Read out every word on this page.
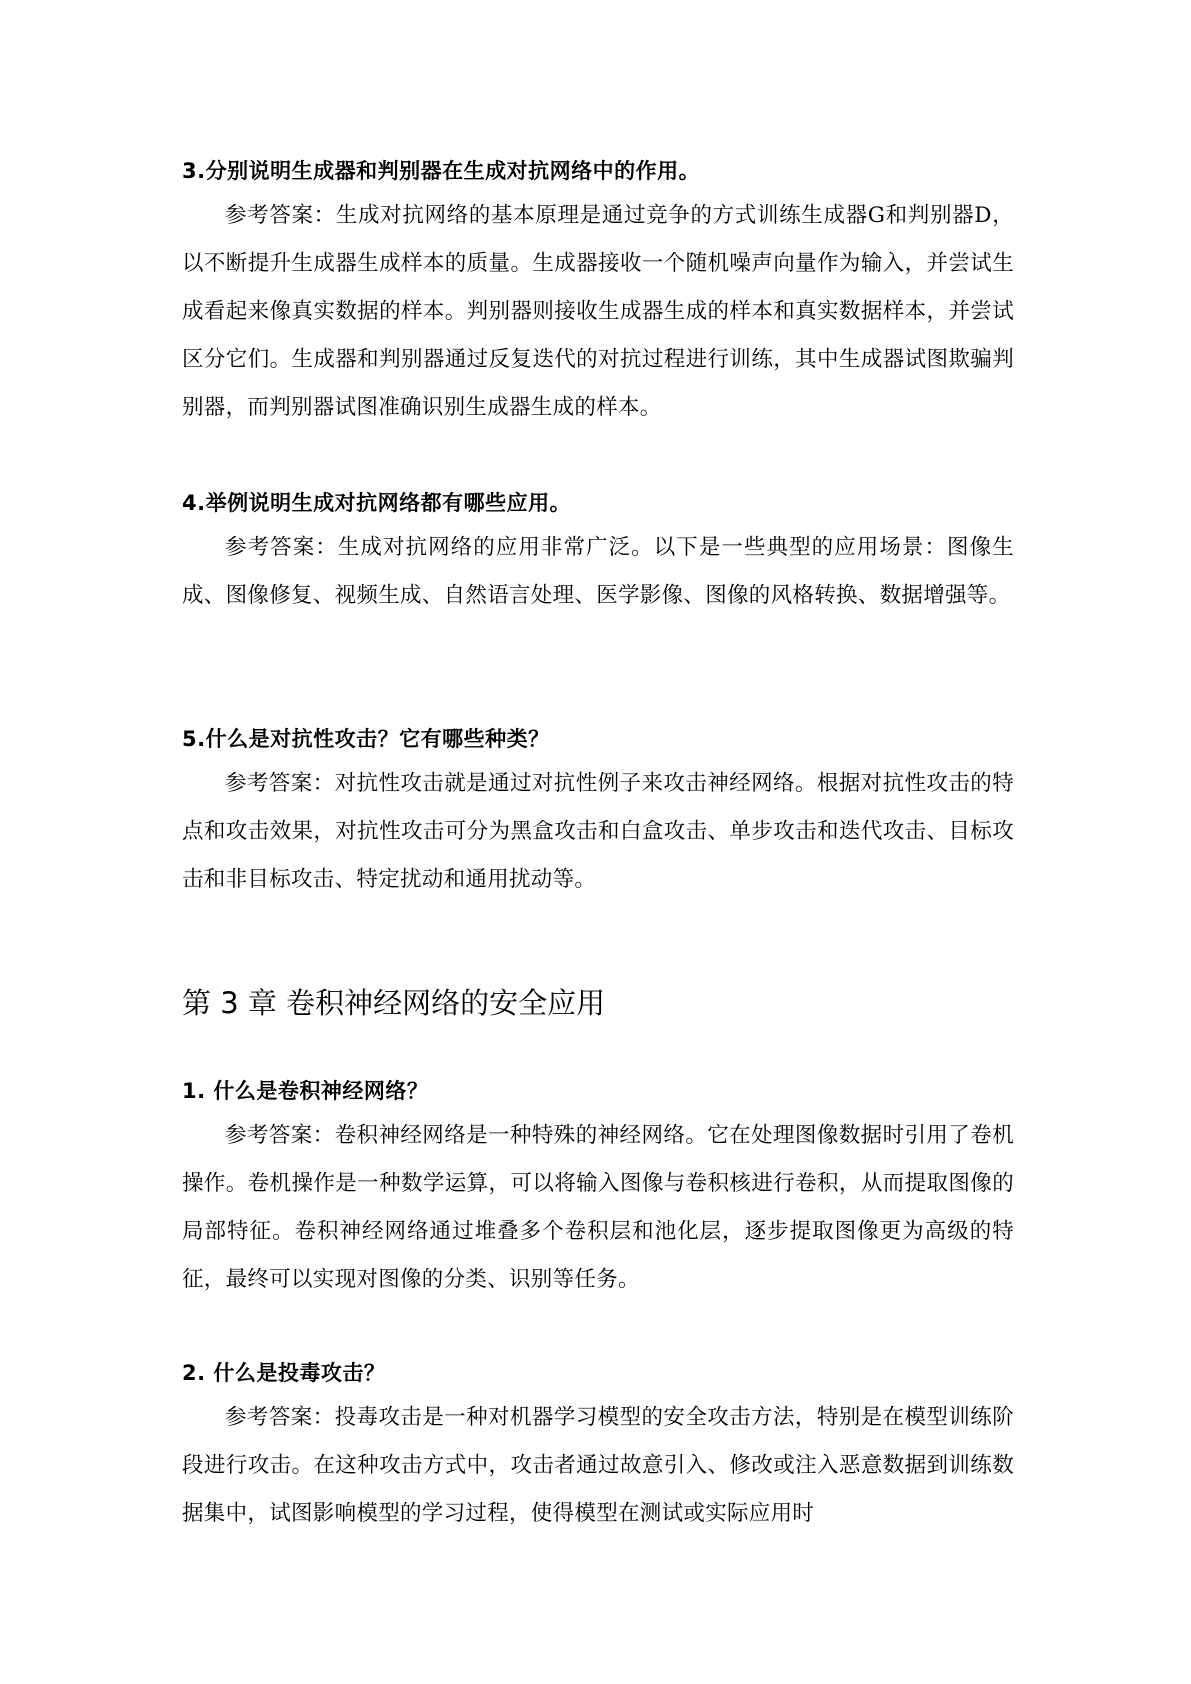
3.分别说明生成器和判别器在生成对抗网络中的作用。

参考答案：生成对抗网络的基本原理是通过竞争的方式训练生成器G和判别器D，以不断提升生成器生成样本的质量。生成器接收一个随机噪声向量作为输入，并尝试生成看起来像真实数据的样本。判别器则接收生成器生成的样本和真实数据样本，并尝试区分它们。生成器和判别器通过反复迭代的对抗过程进行训练，其中生成器试图欺骗判别器，而判别器试图准确识别生成器生成的样本。

4.举例说明生成对抗网络都有哪些应用。

参考答案：生成对抗网络的应用非常广泛。以下是一些典型的应用场景：图像生成、图像修复、视频生成、自然语言处理、医学影像、图像的风格转换、数据增强等。

5.什么是对抗性攻击？它有哪些种类？

参考答案：对抗性攻击就是通过对抗性例子来攻击神经网络。根据对抗性攻击的特点和攻击效果，对抗性攻击可分为黑盒攻击和白盒攻击、单步攻击和迭代攻击、目标攻击和非目标攻击、特定扰动和通用扰动等。

第 3 章 卷积神经网络的安全应用
1. 什么是卷积神经网络？

参考答案：卷积神经网络是一种特殊的神经网络。它在处理图像数据时引用了卷机操作。卷机操作是一种数学运算，可以将输入图像与卷积核进行卷积，从而提取图像的局部特征。卷积神经网络通过堆叠多个卷积层和池化层，逐步提取图像更为高级的特征，最终可以实现对图像的分类、识别等任务。

2. 什么是投毒攻击？

参考答案：投毒攻击是一种对机器学习模型的安全攻击方法，特别是在模型训练阶段进行攻击。在这种攻击方式中，攻击者通过故意引入、修改或注入恶意数据到训练数据集中，试图影响模型的学习过程，使得模型在测试或实际应用时
